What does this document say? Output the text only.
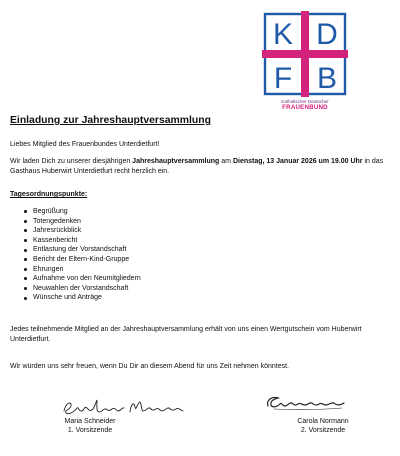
K D
F B
Katholischer Deutscher
FRAUENBUND
Einladung zur Jahreshauptversammlung
Liebes Mitglied des Frauenbundes Unterdietfurt!
Wir laden Dich zu unserer diesjährigen Jahreshauptversammlung am Dienstag, 13 Januar 2026 um 19.00 Uhr in das Gasthaus Huberwirt Unterdietfurt recht herzlich ein.
Tagesordnungspunkte:
Begrüßung
Totengedenken
Jahresrückblick
Kassenbericht
Entlastung der Vorstandschaft
Bericht der Eltern-Kind-Gruppe
Ehrungen
Aufnahme von den Neumitgliedern
Neuwahlen der Vorstandschaft
Wünsche und Anträge
Jedes teilnehmende Mitglied an der Jahreshauptversammlung erhält von uns einen Wertgutschein vom Huberwirt Unterdietfurt.
Wir würden uns sehr freuen, wenn Du Dir an diesem Abend für uns Zeit nehmen könntest.
Maria Schneider
1. Vorsitzende
Carola Normann
2. Vorsitzende
